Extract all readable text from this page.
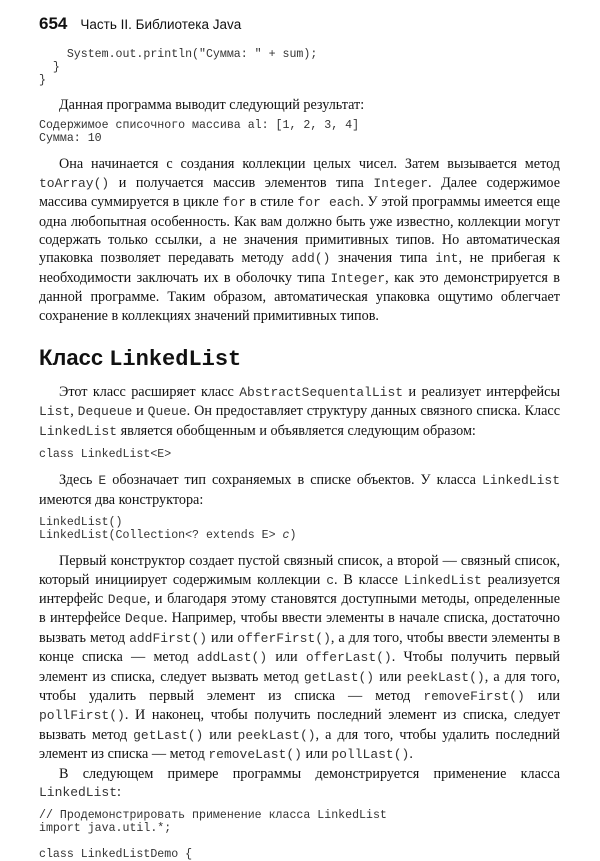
654 Часть II. Библиотека Java
System.out.println("Сумма: " + sum);
}
}

Данная программа выводит следующий результат:

Содержимое списочного массива al: [1, 2, 3, 4]
Сумма: 10

Она начинается с создания коллекции целых чисел. Затем вызывается метод toArray() и получается массив элементов типа Integer. Далее содержимое массива суммируется в цикле for в стиле for each. У этой программы имеется еще одна любопытная особенность. Как вам должно быть уже известно, коллекции могут содержать только ссылки, а не значения примитивных типов. Но автоматическая упаковка позволяет передавать методу add() значения типа int, не прибегая к необходимости заключать их в оболочку типа Integer, как это демонстрируется в данной программе. Таким образом, автоматическая упаковка ощутимо облегчает сохранение в коллекциях значений примитивных типов.

Класс LinkedList

Этот класс расширяет класс AbstractSequentalList и реализует интерфейсы List, Dequeue и Queue. Он предоставляет структуру данных связного списка. Класс LinkedList является обобщенным и объявляется следующим образом:

class LinkedList<E>

Здесь E обозначает тип сохраняемых в списке объектов. У класса LinkedList имеются два конструктора:

LinkedList()
LinkedList(Collection<? extends E> c)

Первый конструктор создает пустой связный список, а второй — связный список, который инициирует содержимым коллекции c. В классе LinkedList реализуется интерфейс Deque, и благодаря этому становятся доступными методы, определенные в интерфейсе Deque. Например, чтобы ввести элементы в начале списка, достаточно вызвать метод addFirst() или offerFirst(), а для того, чтобы ввести элементы в конце списка — метод addLast() или offerLast(). Чтобы получить первый элемент из списка, следует вызвать метод getLast() или peekLast(), а для того, чтобы удалить первый элемент из списка — метод removeFirst() или pollFirst(). И наконец, чтобы получить последний элемент из списка, следует вызвать метод getLast() или peekLast(), а для того, чтобы удалить последний элемент из списка — метод removeLast() или pollLast().

В следующем примере программы демонстрируется применение класса LinkedList:

// Продемонстрировать применение класса LinkedList
import java.util.*;

class LinkedListDemo {
